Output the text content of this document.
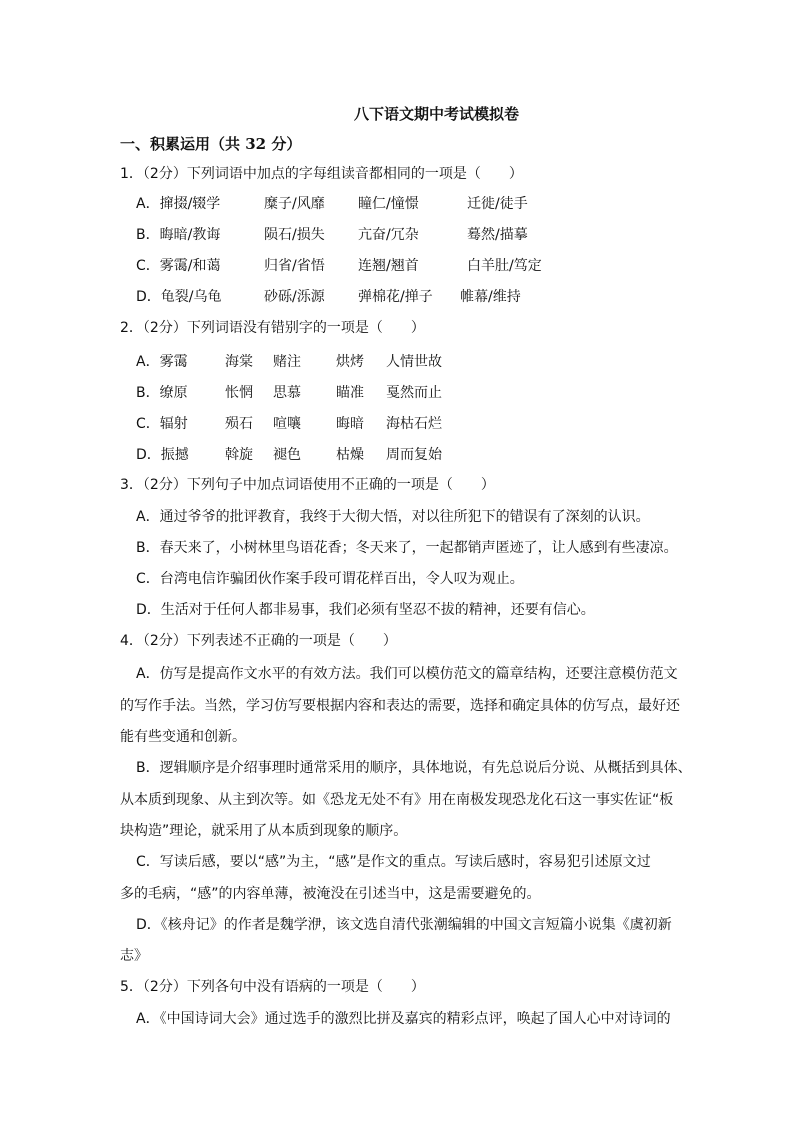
八下语文期中考试模拟卷
一、积累运用（共 32 分）
1．（2分）下列词语中加点的字每组读音都相同的一项是（　　）
A．撺掇/辍学	糜子/风靡 瞳仁/憧憬	迁徙/徒手
B．晦暗/教诲	陨石/损失 亢奋/冗杂	蓦然/描摹
C．雾霭/和蔼	归省/省悟 连翘/翘首	白羊肚/笃定
D．龟裂/乌龟	砂砾/泺源 弹棉花/掸子 帷幕/维持
2．（2分）下列词语没有错别字的一项是（　　）
A．雾霭	海棠 赌注	烘烤 人情世故
B．缭原	怅惘 思慕	瞄准 戛然而止
C．辐射	殒石 喧嚷	晦暗 海枯石烂
D．振撼	斡旋 褪色	枯燥 周而复始
3．（2分）下列句子中加点词语使用不正确的一项是（　　）
A．通过爷爷的批评教育，我终于大彻大悟，对以往所犯下的错误有了深刻的认识。
B．春天来了，小树林里鸟语花香；冬天来了，一起都销声匿迹了，让人感到有些凄凉。
C．台湾电信诈骗团伙作案手段可谓花样百出，令人叹为观止。
D．生活对于任何人都非易事，我们必须有坚忍不拔的精神，还要有信心。
4．（2分）下列表述不正确的一项是（　　）
A．仿写是提高作文水平的有效方法。我们可以模仿范文的篇章结构，还要注意模仿范文
的写作手法。当然，学习仿写要根据内容和表达的需要，选择和确定具体的仿写点，最好还
能有些变通和创新。
B．逻辑顺序是介绍事理时通常采用的顺序，具体地说，有先总说后分说、从概括到具体、
从本质到现象、从主到次等。如《恐龙无处不有》用在南极发现恐龙化石这一事实佐证“板
块构造”理论，就采用了从本质到现象的顺序。
C．写读后感，要以“感”为主，“感”是作文的重点。写读后感时，容易犯引述原文过
多的毛病，“感”的内容单薄，被淹没在引述当中，这是需要避免的。
D．《核舟记》的作者是魏学洢，该文选自清代张潮编辑的中国文言短篇小说集《虞初新
志》
5．（2分）下列各句中没有语病的一项是（　　）
A．《中国诗词大会》通过选手的激烈比拼及嘉宾的精彩点评，唤起了国人心中对诗词的
